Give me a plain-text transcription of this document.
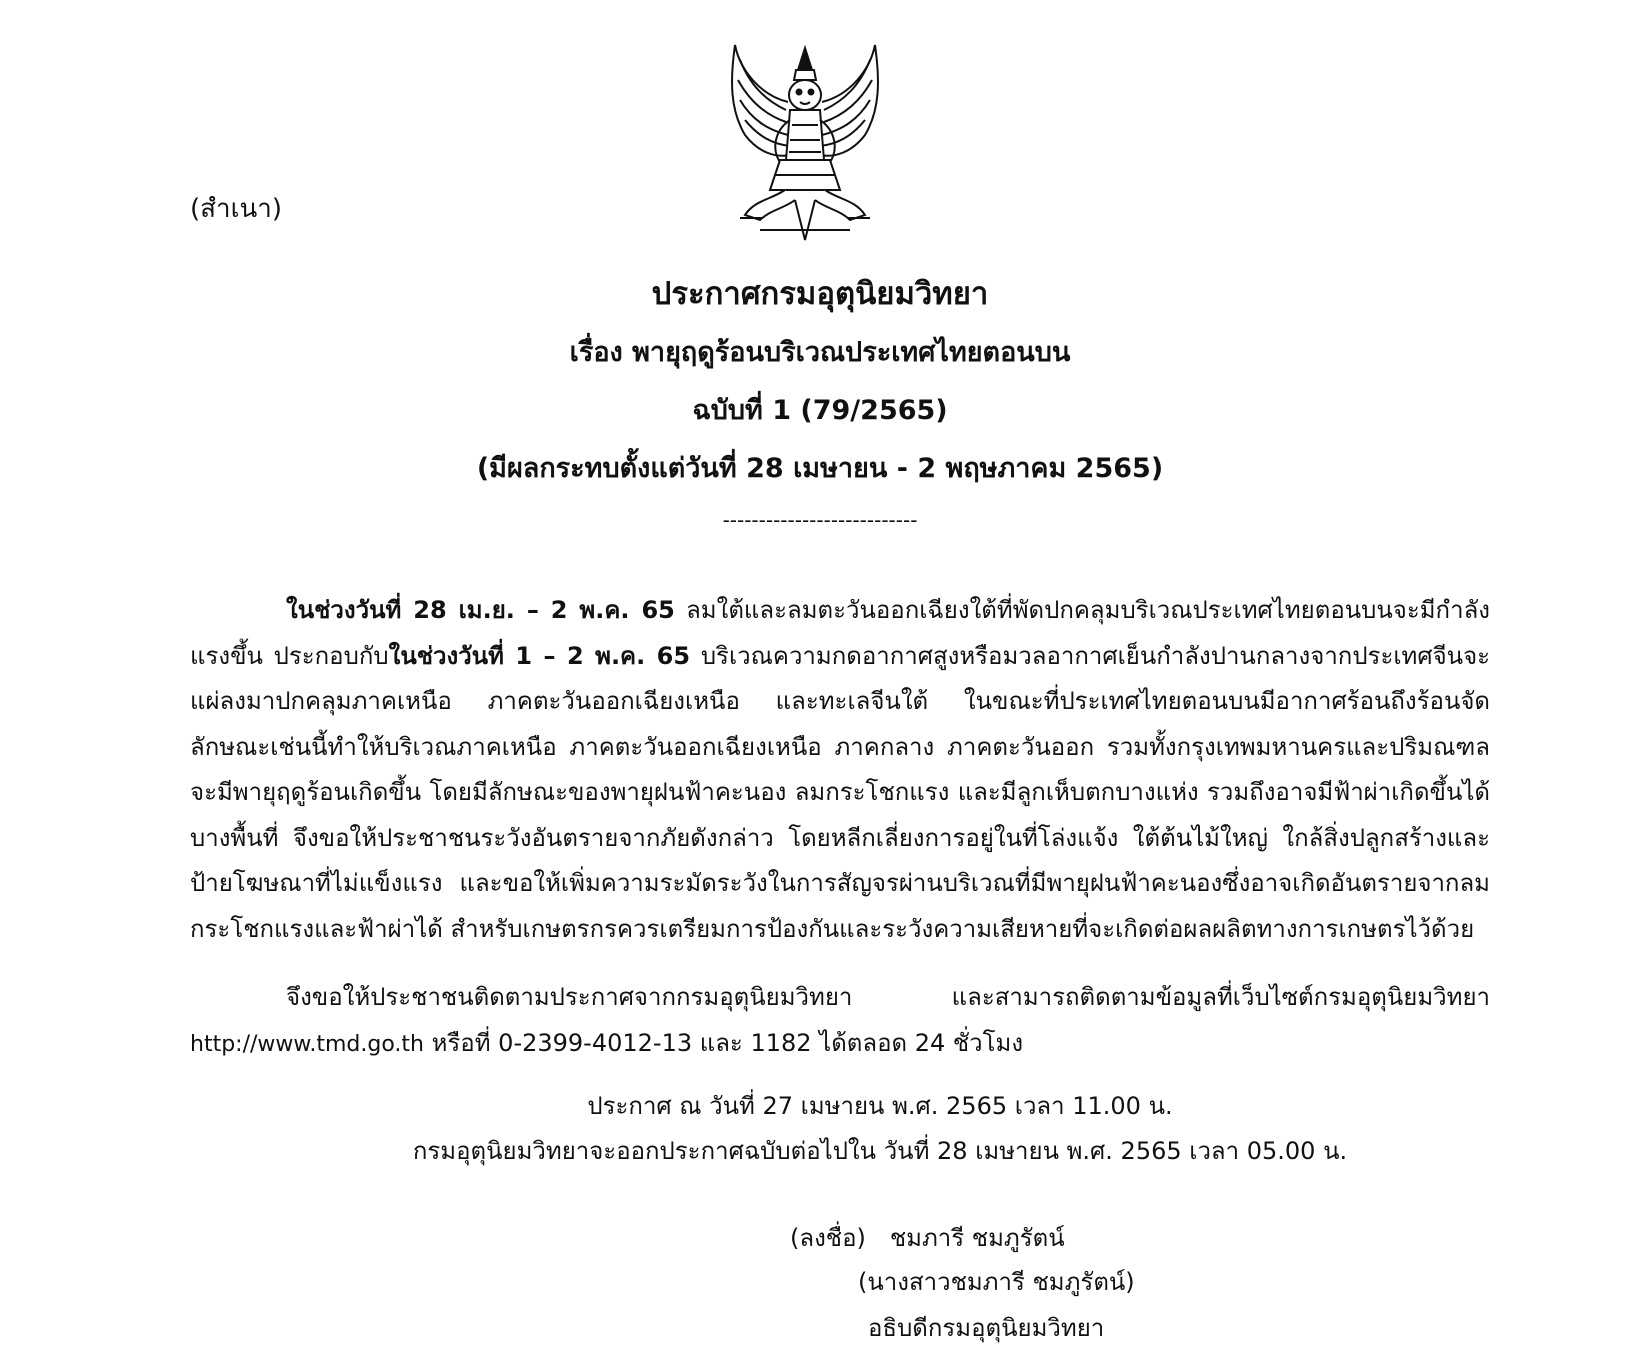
(สำเนา)
ประกาศกรมอุตุนิยมวิทยา
เรื่อง พายุฤดูร้อนบริเวณประเทศไทยตอนบน
ฉบับที่ 1 (79/2565)
(มีผลกระทบตั้งแต่วันที่ 28 เมษายน - 2 พฤษภาคม 2565)
---------------------------
ในช่วงวันที่ 28 เม.ย. – 2 พ.ค. 65 ลมใต้และลมตะวันออกเฉียงใต้ที่พัดปกคลุมบริเวณประเทศไทยตอนบนจะมีกำลังแรงขึ้น ประกอบกับในช่วงวันที่ 1 – 2 พ.ค. 65 บริเวณความกดอากาศสูงหรือมวลอากาศเย็นกำลังปานกลางจากประเทศจีนจะแผ่ลงมาปกคลุมภาคเหนือ ภาคตะวันออกเฉียงเหนือ และทะเลจีนใต้ ในขณะที่ประเทศไทยตอนบนมีอากาศร้อนถึงร้อนจัด ลักษณะเช่นนี้ทำให้บริเวณภาคเหนือ ภาคตะวันออกเฉียงเหนือ ภาคกลาง ภาคตะวันออก รวมทั้งกรุงเทพมหานครและปริมณฑล จะมีพายุฤดูร้อนเกิดขึ้น โดยมีลักษณะของพายุฝนฟ้าคะนอง ลมกระโชกแรง และมีลูกเห็บตกบางแห่ง รวมถึงอาจมีฟ้าผ่าเกิดขึ้นได้บางพื้นที่ จึงขอให้ประชาชนระวังอันตรายจากภัยดังกล่าว โดยหลีกเลี่ยงการอยู่ในที่โล่งแจ้ง ใต้ต้นไม้ใหญ่ ใกล้สิ่งปลูกสร้างและป้ายโฆษณาที่ไม่แข็งแรง และขอให้เพิ่มความระมัดระวังในการสัญจรผ่านบริเวณที่มีพายุฝนฟ้าคะนองซึ่งอาจเกิดอันตรายจากลมกระโชกแรงและฟ้าผ่าได้ สำหรับเกษตรกรควรเตรียมการป้องกันและระวังความเสียหายที่จะเกิดต่อผลผลิตทางการเกษตรไว้ด้วย
จึงขอให้ประชาชนติดตามประกาศจากกรมอุตุนิยมวิทยา และสามารถติดตามข้อมูลที่เว็บไซต์กรมอุตุนิยมวิทยา http://www.tmd.go.th หรือที่ 0-2399-4012-13 และ 1182 ได้ตลอด 24 ชั่วโมง
ประกาศ ณ วันที่ 27 เมษายน พ.ศ. 2565 เวลา 11.00 น.
กรมอุตุนิยมวิทยาจะออกประกาศฉบับต่อไปใน วันที่ 28 เมษายน พ.ศ. 2565 เวลา 05.00 น.
(ลงชื่อ) ชมภารี ชมภูรัตน์
(นางสาวชมภารี ชมภูรัตน์)
อธิบดีกรมอุตุนิยมวิทยา
